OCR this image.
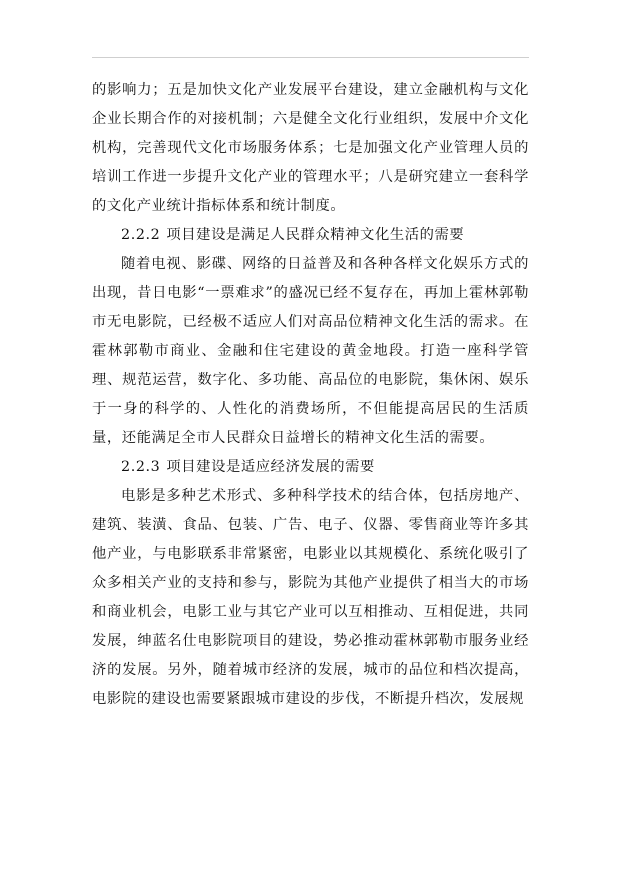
的影响力；五是加快文化产业发展平台建设，建立金融机构与文化企业长期合作的对接机制；六是健全文化行业组织，发展中介文化机构，完善现代文化市场服务体系；七是加强文化产业管理人员的培训工作进一步提升文化产业的管理水平；八是研究建立一套科学的文化产业统计指标体系和统计制度。

2.2.2 项目建设是满足人民群众精神文化生活的需要

随着电视、影碟、网络的日益普及和各种各样文化娱乐方式的出现，昔日电影“一票难求”的盛况已经不复存在，再加上霍林郭勒市无电影院，已经极不适应人们对高品位精神文化生活的需求。在霍林郭勒市商业、金融和住宅建设的黄金地段。打造一座科学管理、规范运营，数字化、多功能、高品位的电影院，集休闲、娱乐于一身的科学的、人性化的消费场所，不但能提高居民的生活质量，还能满足全市人民群众日益增长的精神文化生活的需要。

2.2.3 项目建设是适应经济发展的需要

电影是多种艺术形式、多种科学技术的结合体，包括房地产、建筑、装潢、食品、包装、广告、电子、仪器、零售商业等许多其他产业，与电影联系非常紧密，电影业以其规模化、系统化吸引了众多相关产业的支持和参与，影院为其他产业提供了相当大的市场和商业机会，电影工业与其它产业可以互相推动、互相促进，共同发展，绅蓝名仕电影院项目的建设，势必推动霍林郭勒市服务业经济的发展。另外，随着城市经济的发展，城市的品位和档次提高，电影院的建设也需要紧跟城市建设的步伐，不断提升档次，发展规
